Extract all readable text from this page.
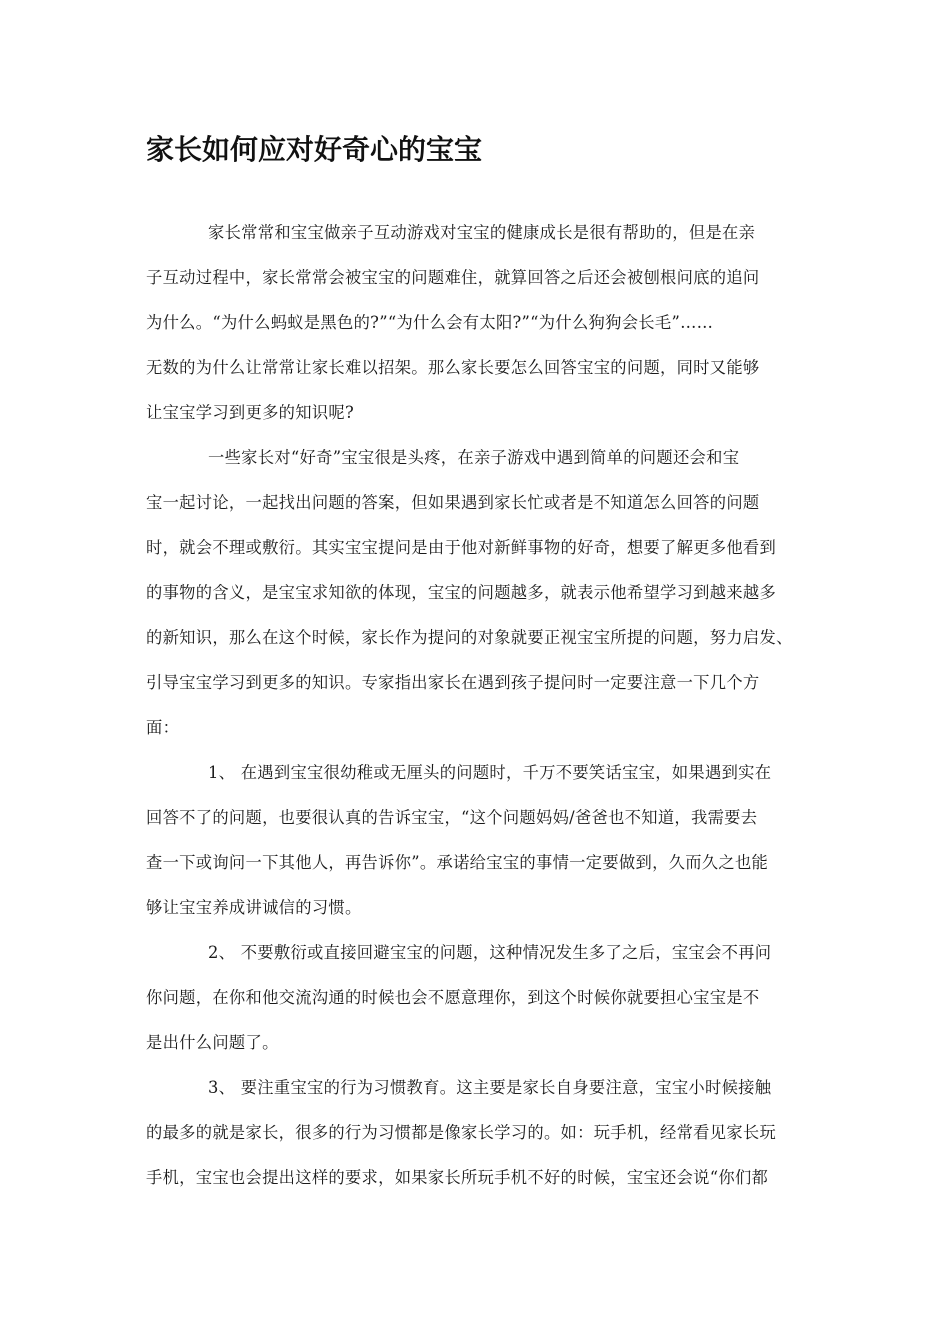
家长如何应对好奇心的宝宝
家长常常和宝宝做亲子互动游戏对宝宝的健康成长是很有帮助的，但是在亲
子互动过程中，家长常常会被宝宝的问题难住，就算回答之后还会被刨根问底的追问
为什么。“为什么蚂蚁是黑色的?”“为什么会有太阳?”“为什么狗狗会长毛”……
无数的为什么让常常让家长难以招架。那么家长要怎么回答宝宝的问题，同时又能够
让宝宝学习到更多的知识呢?
一些家长对“好奇”宝宝很是头疼，在亲子游戏中遇到简单的问题还会和宝
宝一起讨论，一起找出问题的答案，但如果遇到家长忙或者是不知道怎么回答的问题
时，就会不理或敷衍。其实宝宝提问是由于他对新鲜事物的好奇，想要了解更多他看到
的事物的含义，是宝宝求知欲的体现，宝宝的问题越多，就表示他希望学习到越来越多
的新知识，那么在这个时候，家长作为提问的对象就要正视宝宝所提的问题，努力启发、
引导宝宝学习到更多的知识。专家指出家长在遇到孩子提问时一定要注意一下几个方
面：
1、 在遇到宝宝很幼稚或无厘头的问题时，千万不要笑话宝宝，如果遇到实在
回答不了的问题，也要很认真的告诉宝宝，“这个问题妈妈/爸爸也不知道，我需要去
查一下或询问一下其他人，再告诉你”。承诺给宝宝的事情一定要做到，久而久之也能
够让宝宝养成讲诚信的习惯。
2、 不要敷衍或直接回避宝宝的问题，这种情况发生多了之后，宝宝会不再问
你问题，在你和他交流沟通的时候也会不愿意理你，到这个时候你就要担心宝宝是不
是出什么问题了。
3、 要注重宝宝的行为习惯教育。这主要是家长自身要注意，宝宝小时候接触
的最多的就是家长，很多的行为习惯都是像家长学习的。如：玩手机，经常看见家长玩
手机，宝宝也会提出这样的要求，如果家长所玩手机不好的时候，宝宝还会说“你们都
